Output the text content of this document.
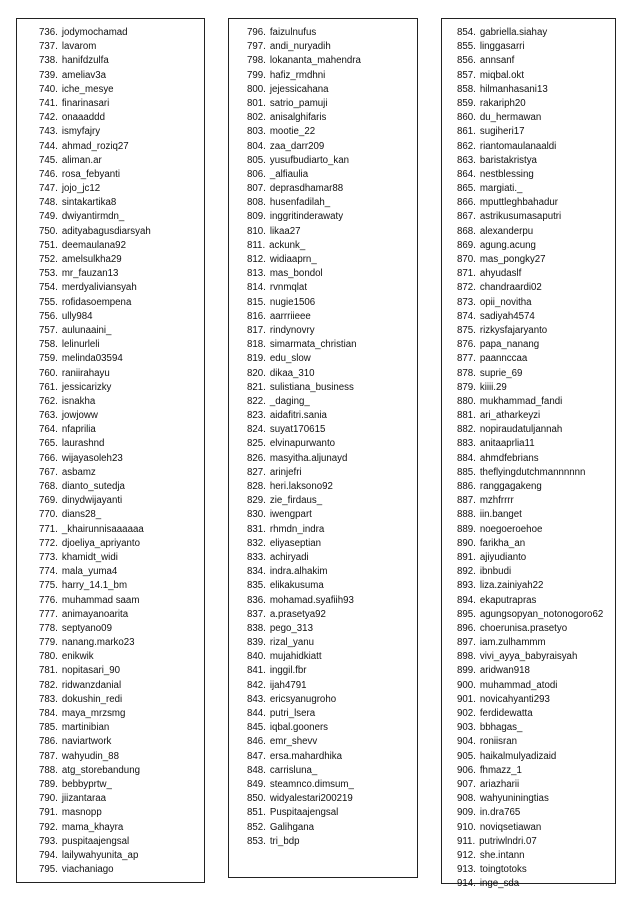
736. jodymochamad
737. lavarom
738. hanifdzulfa
739. ameliav3a
740. iche_mesye
741. finarinasari
742. onaaaddd
743. ismyfajry
744. ahmad_roziq27
745. aliman.ar
746. rosa_febyanti
747. jojo_jc12
748. sintakartika8
749. dwiyantirmdn_
750. adityabagusdiarsyah
751. deemaulana92
752. amelsulkha29
753. mr_fauzan13
754. merdyaliviansyah
755. rofidasoempena
756. ully984
757. aulunaaini_
758. lelinurleli
759. melinda03594
760. raniirahayu
761. jessicarizky
762. isnakha
763. jowjoww
764. nfaprilia
765. laurashnd
766. wijayasoleh23
767. asbamz
768. dianto_sutedja
769. dinydwijayanti
770. dians28_
771. _khairunnisaaaaaa
772. djoeliya_apriyanto
773. khamidt_widi
774. mala_yuma4
775. harry_14.1_bm
776. muhammad saam
777. animayanoarita
778. septyano09
779. nanang.marko23
780. enikwik
781. nopitasari_90
782. ridwanzdanial
783. dokushin_redi
784. maya_mrzsmg
785. martinibian
786. naviartwork
787. wahyudin_88
788. atg_storebandung
789. bebbyprtw_
790. jiizantaraa
791. masnopp
792. mama_khayra
793. puspitaajengsal
794. lailywahyunita_ap
795. viachaniago
796. faizulnufus
797. andi_nuryadih
798. lokananta_mahendra
799. hafiz_rmdhni
800. jejessicahana
801. satrio_pamuji
802. anisalghifaris
803. mootie_22
804. zaa_darr209
805. yusufbudiarto_kan
806. _alfiaulia
807. deprasdhamar88
808. husenfadilah_
809. inggritinderawaty
810. likaa27
811. ackunk_
812. widiaaprn_
813. mas_bondol
814. rvnmqlat
815. nugie1506
816. aarrriieee
817. rindynovry
818. simarmata_christian
819. edu_slow
820. dikaa_310
821. sulistiana_business
822. _daging_
823. aidafitri.sania
824. suyat170615
825. elvinapurwanto
826. masyitha.aljunayd
827. arinjefri
828. heri.laksono92
829. zie_firdaus_
830. iwengpart
831. rhmdn_indra
832. eliyaseptian
833. achiryadi
834. indra.alhakim
835. elikakusuma
836. mohamad.syafiih93
837. a.prasetya92
838. pego_313
839. rizal_yanu
840. mujahidkiatt
841. inggil.fbr
842. ijah4791
843. ericsyanugroho
844. putri_lsera
845. iqbal.gooners
846. emr_shevv
847. ersa.mahardhika
848. carrisluna_
849. steamnco.dimsum_
850. widyalestari200219
851. Puspitaajengsal
852. Galihgana
853. tri_bdp
854. gabriella.siahay
855. linggasarri
856. annsanf
857. miqbal.okt
858. hilmanhasani13
859. rakariph20
860. du_hermawan
861. sugiheri17
862. riantomaulanaaldi
863. baristakristya
864. nestblessing
865. margiati._
866. mputtleghbahadur
867. astrikusumasaputri
868. alexanderpu
869. agung.acung
870. mas_pongky27
871. ahyudaslf
872. chandraardi02
873. opii_novitha
874. sadiyah4574
875. rizkysfajaryanto
876. papa_nanang
877. paannccaa
878. suprie_69
879. kiiii.29
880. mukhammad_fandi
881. ari_atharkeyzi
882. nopiraudatuljannah
883. anitaaprlia11
884. ahmdfebrians
885. theflyingdutchmannnnnn
886. ranggagakeng
887. mzhfrrrr
888. iin.banget
889. noegoeroehoe
890. farikha_an
891. ajiyudianto
892. ibnbudi
893. liza.zainiyah22
894. ekaputrapras
895. agungsopyan_notonogoro62
896. choerunisa.prasetyo
897. iam.zulhammm
898. vivi_ayya_babyraisyah
899. aridwan918
900. muhammad_atodi
901. novicahyanti293
902. ferdidewatta
903. bbhagas_
904. roniisran
905. haikalmulyadizaid
906. fhmazz_1
907. ariazharii
908. wahyuniningtias
909. in.dra765
910. noviqsetiawan
911. putriwlndri.07
912. she.intann
913. toingtotoks
914. inge_sda
